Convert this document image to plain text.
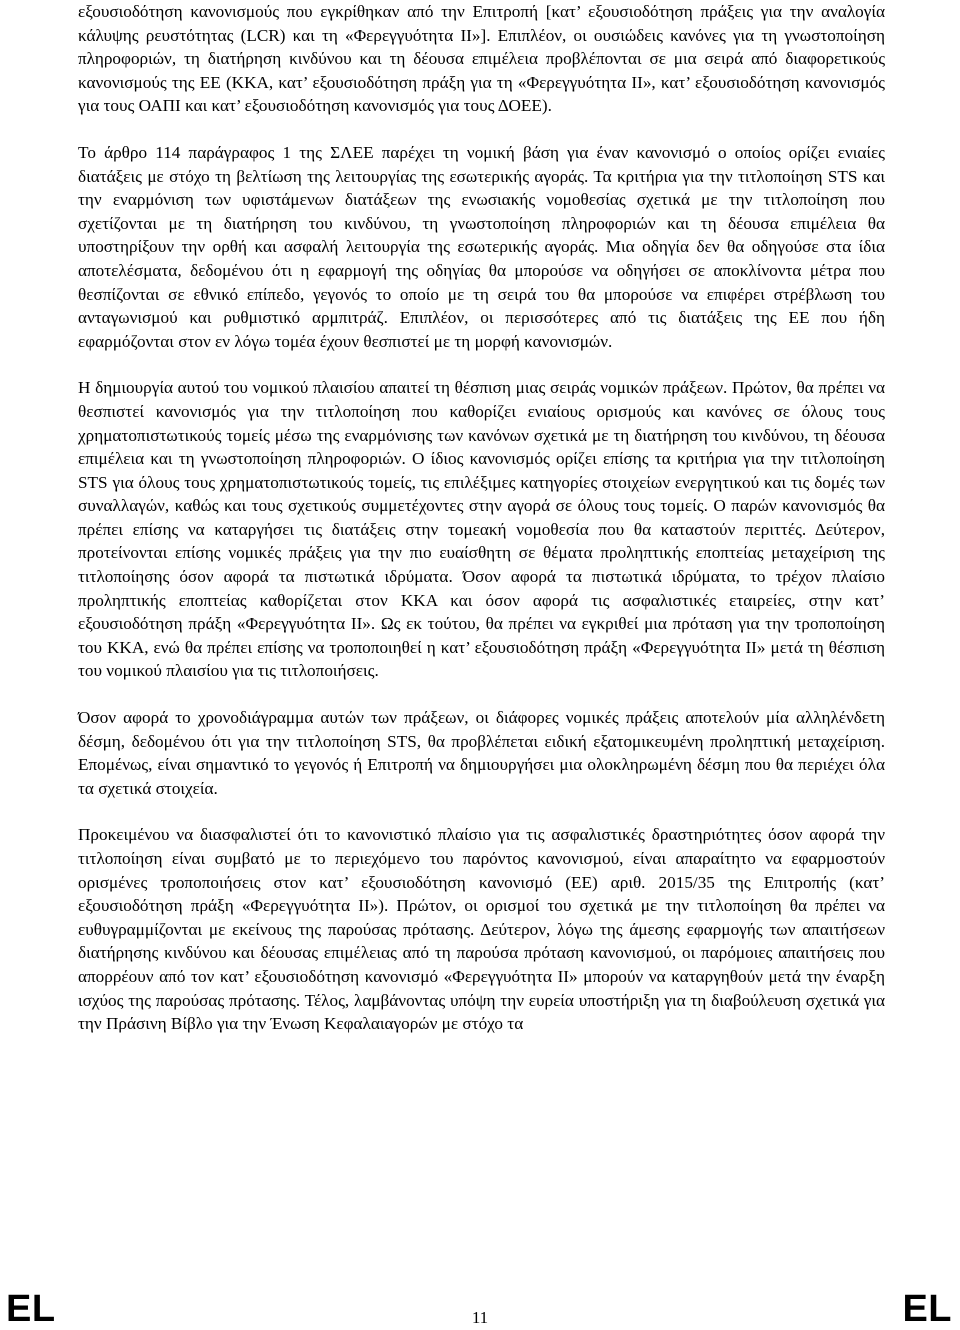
εξουσιοδότηση κανονισμούς που εγκρίθηκαν από την Επιτροπή [κατ’ εξουσιοδότηση πράξεις για την αναλογία κάλυψης ρευστότητας (LCR) και τη «Φερεγγυότητα ΙΙ»]. Επιπλέον, οι ουσιώδεις κανόνες για τη γνωστοποίηση πληροφοριών, τη διατήρηση κινδύνου και τη δέουσα επιμέλεια προβλέπονται σε μια σειρά από διαφορετικούς κανονισμούς της ΕΕ (ΚΚΑ, κατ’ εξουσιοδότηση πράξη για τη «Φερεγγυότητα ΙΙ», κατ’ εξουσιοδότηση κανονισμός για τους ΟΑΠΙ και κατ’ εξουσιοδότηση κανονισμός για τους ΔΟΕΕ).

Το άρθρο 114 παράγραφος 1 της ΣΛΕΕ παρέχει τη νομική βάση για έναν κανονισμό ο οποίος ορίζει ενιαίες διατάξεις με στόχο τη βελτίωση της λειτουργίας της εσωτερικής αγοράς. Τα κριτήρια για την τιτλοποίηση STS και την εναρμόνιση των υφιστάμενων διατάξεων της ενωσιακής νομοθεσίας σχετικά με την τιτλοποίηση που σχετίζονται με τη διατήρηση του κινδύνου, τη γνωστοποίηση πληροφοριών και τη δέουσα επιμέλεια θα υποστηρίξουν την ορθή και ασφαλή λειτουργία της εσωτερικής αγοράς. Μια οδηγία δεν θα οδηγούσε στα ίδια αποτελέσματα, δεδομένου ότι η εφαρμογή της οδηγίας θα μπορούσε να οδηγήσει σε αποκλίνοντα μέτρα που θεσπίζονται σε εθνικό επίπεδο, γεγονός το οποίο με τη σειρά του θα μπορούσε να επιφέρει στρέβλωση του ανταγωνισμού και ρυθμιστικό αρμπιτράζ. Επιπλέον, οι περισσότερες από τις διατάξεις της ΕΕ που ήδη εφαρμόζονται στον εν λόγω τομέα έχουν θεσπιστεί με τη μορφή κανονισμών.

Η δημιουργία αυτού του νομικού πλαισίου απαιτεί τη θέσπιση μιας σειράς νομικών πράξεων. Πρώτον, θα πρέπει να θεσπιστεί κανονισμός για την τιτλοποίηση που καθορίζει ενιαίους ορισμούς και κανόνες σε όλους τους χρηματοπιστωτικούς τομείς μέσω της εναρμόνισης των κανόνων σχετικά με τη διατήρηση του κινδύνου, τη δέουσα επιμέλεια και τη γνωστοποίηση πληροφοριών. Ο ίδιος κανονισμός ορίζει επίσης τα κριτήρια για την τιτλοποίηση STS για όλους τους χρηματοπιστωτικούς τομείς, τις επιλέξιμες κατηγορίες στοιχείων ενεργητικού και τις δομές των συναλλαγών, καθώς και τους σχετικούς συμμετέχοντες στην αγορά σε όλους τους τομείς. Ο παρών κανονισμός θα πρέπει επίσης να καταργήσει τις διατάξεις στην τομεακή νομοθεσία που θα καταστούν περιττές. Δεύτερον, προτείνονται επίσης νομικές πράξεις για την πιο ευαίσθητη σε θέματα προληπτικής εποπτείας μεταχείριση της τιτλοποίησης όσον αφορά τα πιστωτικά ιδρύματα. Όσον αφορά τα πιστωτικά ιδρύματα, το τρέχον πλαίσιο προληπτικής εποπτείας καθορίζεται στον ΚΚΑ και όσον αφορά τις ασφαλιστικές εταιρείες, στην κατ’ εξουσιοδότηση πράξη «Φερεγγυότητα ΙΙ». Ως εκ τούτου, θα πρέπει να εγκριθεί μια πρόταση για την τροποποίηση του ΚΚΑ, ενώ θα πρέπει επίσης να τροποποιηθεί η κατ’ εξουσιοδότηση πράξη «Φερεγγυότητα ΙΙ» μετά τη θέσπιση του νομικού πλαισίου για τις τιτλοποιήσεις.

Όσον αφορά το χρονοδιάγραμμα αυτών των πράξεων, οι διάφορες νομικές πράξεις αποτελούν μία αλληλένδετη δέσμη, δεδομένου ότι για την τιτλοποίηση STS, θα προβλέπεται ειδική εξατομικευμένη προληπτική μεταχείριση. Επομένως, είναι σημαντικό το γεγονός ή Επιτροπή να δημιουργήσει μια ολοκληρωμένη δέσμη που θα περιέχει όλα τα σχετικά στοιχεία.

Προκειμένου να διασφαλιστεί ότι το κανονιστικό πλαίσιο για τις ασφαλιστικές δραστηριότητες όσον αφορά την τιτλοποίηση είναι συμβατό με το περιεχόμενο του παρόντος κανονισμού, είναι απαραίτητο να εφαρμοστούν ορισμένες τροποποιήσεις στον κατ’ εξουσιοδότηση κανονισμό (ΕΕ) αριθ. 2015/35 της Επιτροπής (κατ’ εξουσιοδότηση πράξη «Φερεγγυότητα ΙΙ»). Πρώτον, οι ορισμοί του σχετικά με την τιτλοποίηση θα πρέπει να ευθυγραμμίζονται με εκείνους της παρούσας πρότασης. Δεύτερον, λόγω της άμεσης εφαρμογής των απαιτήσεων διατήρησης κινδύνου και δέουσας επιμέλειας από τη παρούσα πρόταση κανονισμού, οι παρόμοιες απαιτήσεις που απορρέουν από τον κατ’ εξουσιοδότηση κανονισμό «Φερεγγυότητα ΙΙ» μπορούν να καταργηθούν μετά την έναρξη ισχύος της παρούσας πρότασης. Τέλος, λαμβάνοντας υπόψη την ευρεία υποστήριξη για τη διαβούλευση σχετικά για την Πράσινη Βίβλο για την Ένωση Κεφαλαιαγορών με στόχο τα

EL	11	EL
